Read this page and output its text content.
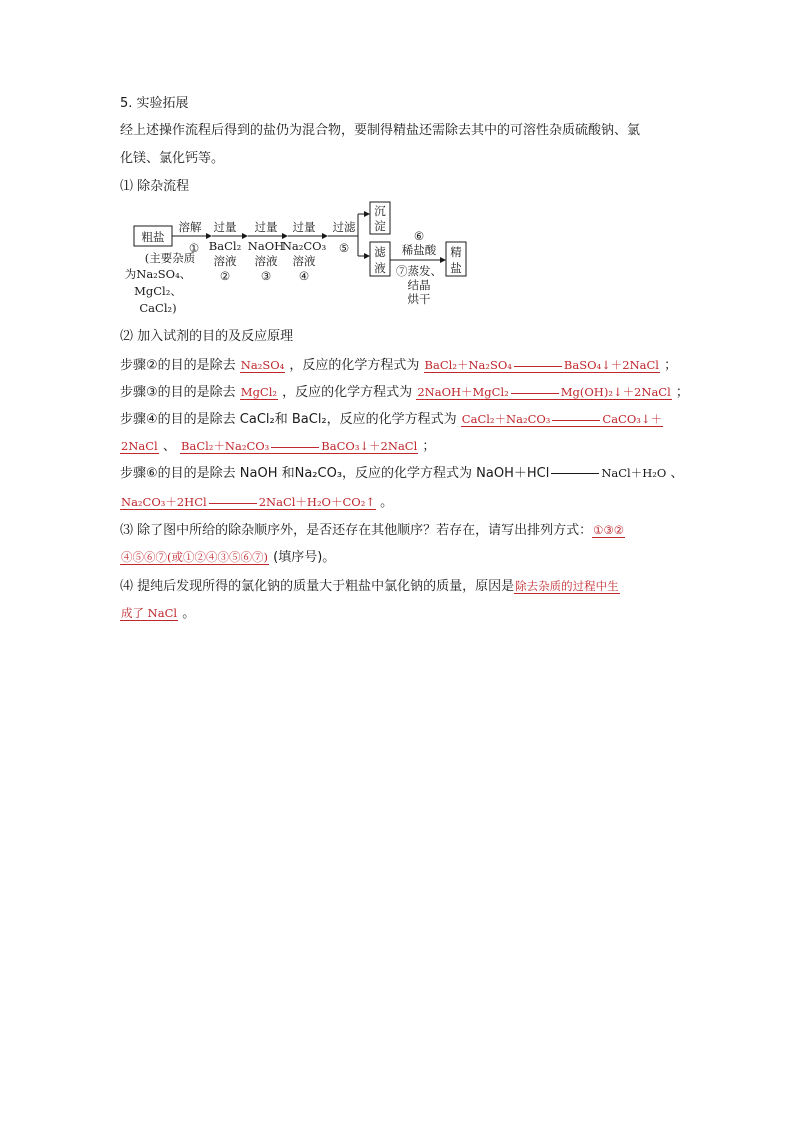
5. 实验拓展
经上述操作流程后得到的盐仍为混合物，要制得精盐还需除去其中的可溶性杂质硫酸钠、氯
化镁、氯化钙等。
⑴ 除杂流程
粗盐
溶解
①
(主要杂质
为Na₂SO₄、
MgCl₂、
CaCl₂)
过量
BaCl₂
溶液
②
过量
NaOH
溶液
③
过量
Na₂CO₃
溶液
④
过滤
⑤
沉
淀
滤
液
⑥
稀盐酸
⑦蒸发、
结晶
烘干
精
盐
⑵ 加入试剂的目的及反应原理
步骤②的目的是除去 Na₂SO₄ ，反应的化学方程式为 BaCl₂＋Na₂SO₄	BaSO₄↓＋2NaCl ；
步骤③的目的是除去 MgCl₂ ，反应的化学方程式为 2NaOH＋MgCl₂	Mg(OH)₂↓＋2NaCl ；
步骤④的目的是除去 CaCl₂和 BaCl₂，反应的化学方程式为 CaCl₂＋Na₂CO₃	CaCO₃↓＋
2NaCl 、 BaCl₂＋Na₂CO₃	BaCO₃↓＋2NaCl ；
步骤⑥的目的是除去 NaOH 和Na₂CO₃，反应的化学方程式为 NaOH＋HCl	NaCl＋H₂O 、
Na₂CO₃＋2HCl	2NaCl＋H₂O＋CO₂↑ 。
⑶ 除了图中所给的除杂顺序外，是否还存在其他顺序？若存在，请写出排列方式：①③②
④⑤⑥⑦(或①②④③⑤⑥⑦) (填序号)。
⑷ 提纯后发现所得的氯化钠的质量大于粗盐中氯化钠的质量，原因是除去杂质的过程中生
成了 NaCl 。
